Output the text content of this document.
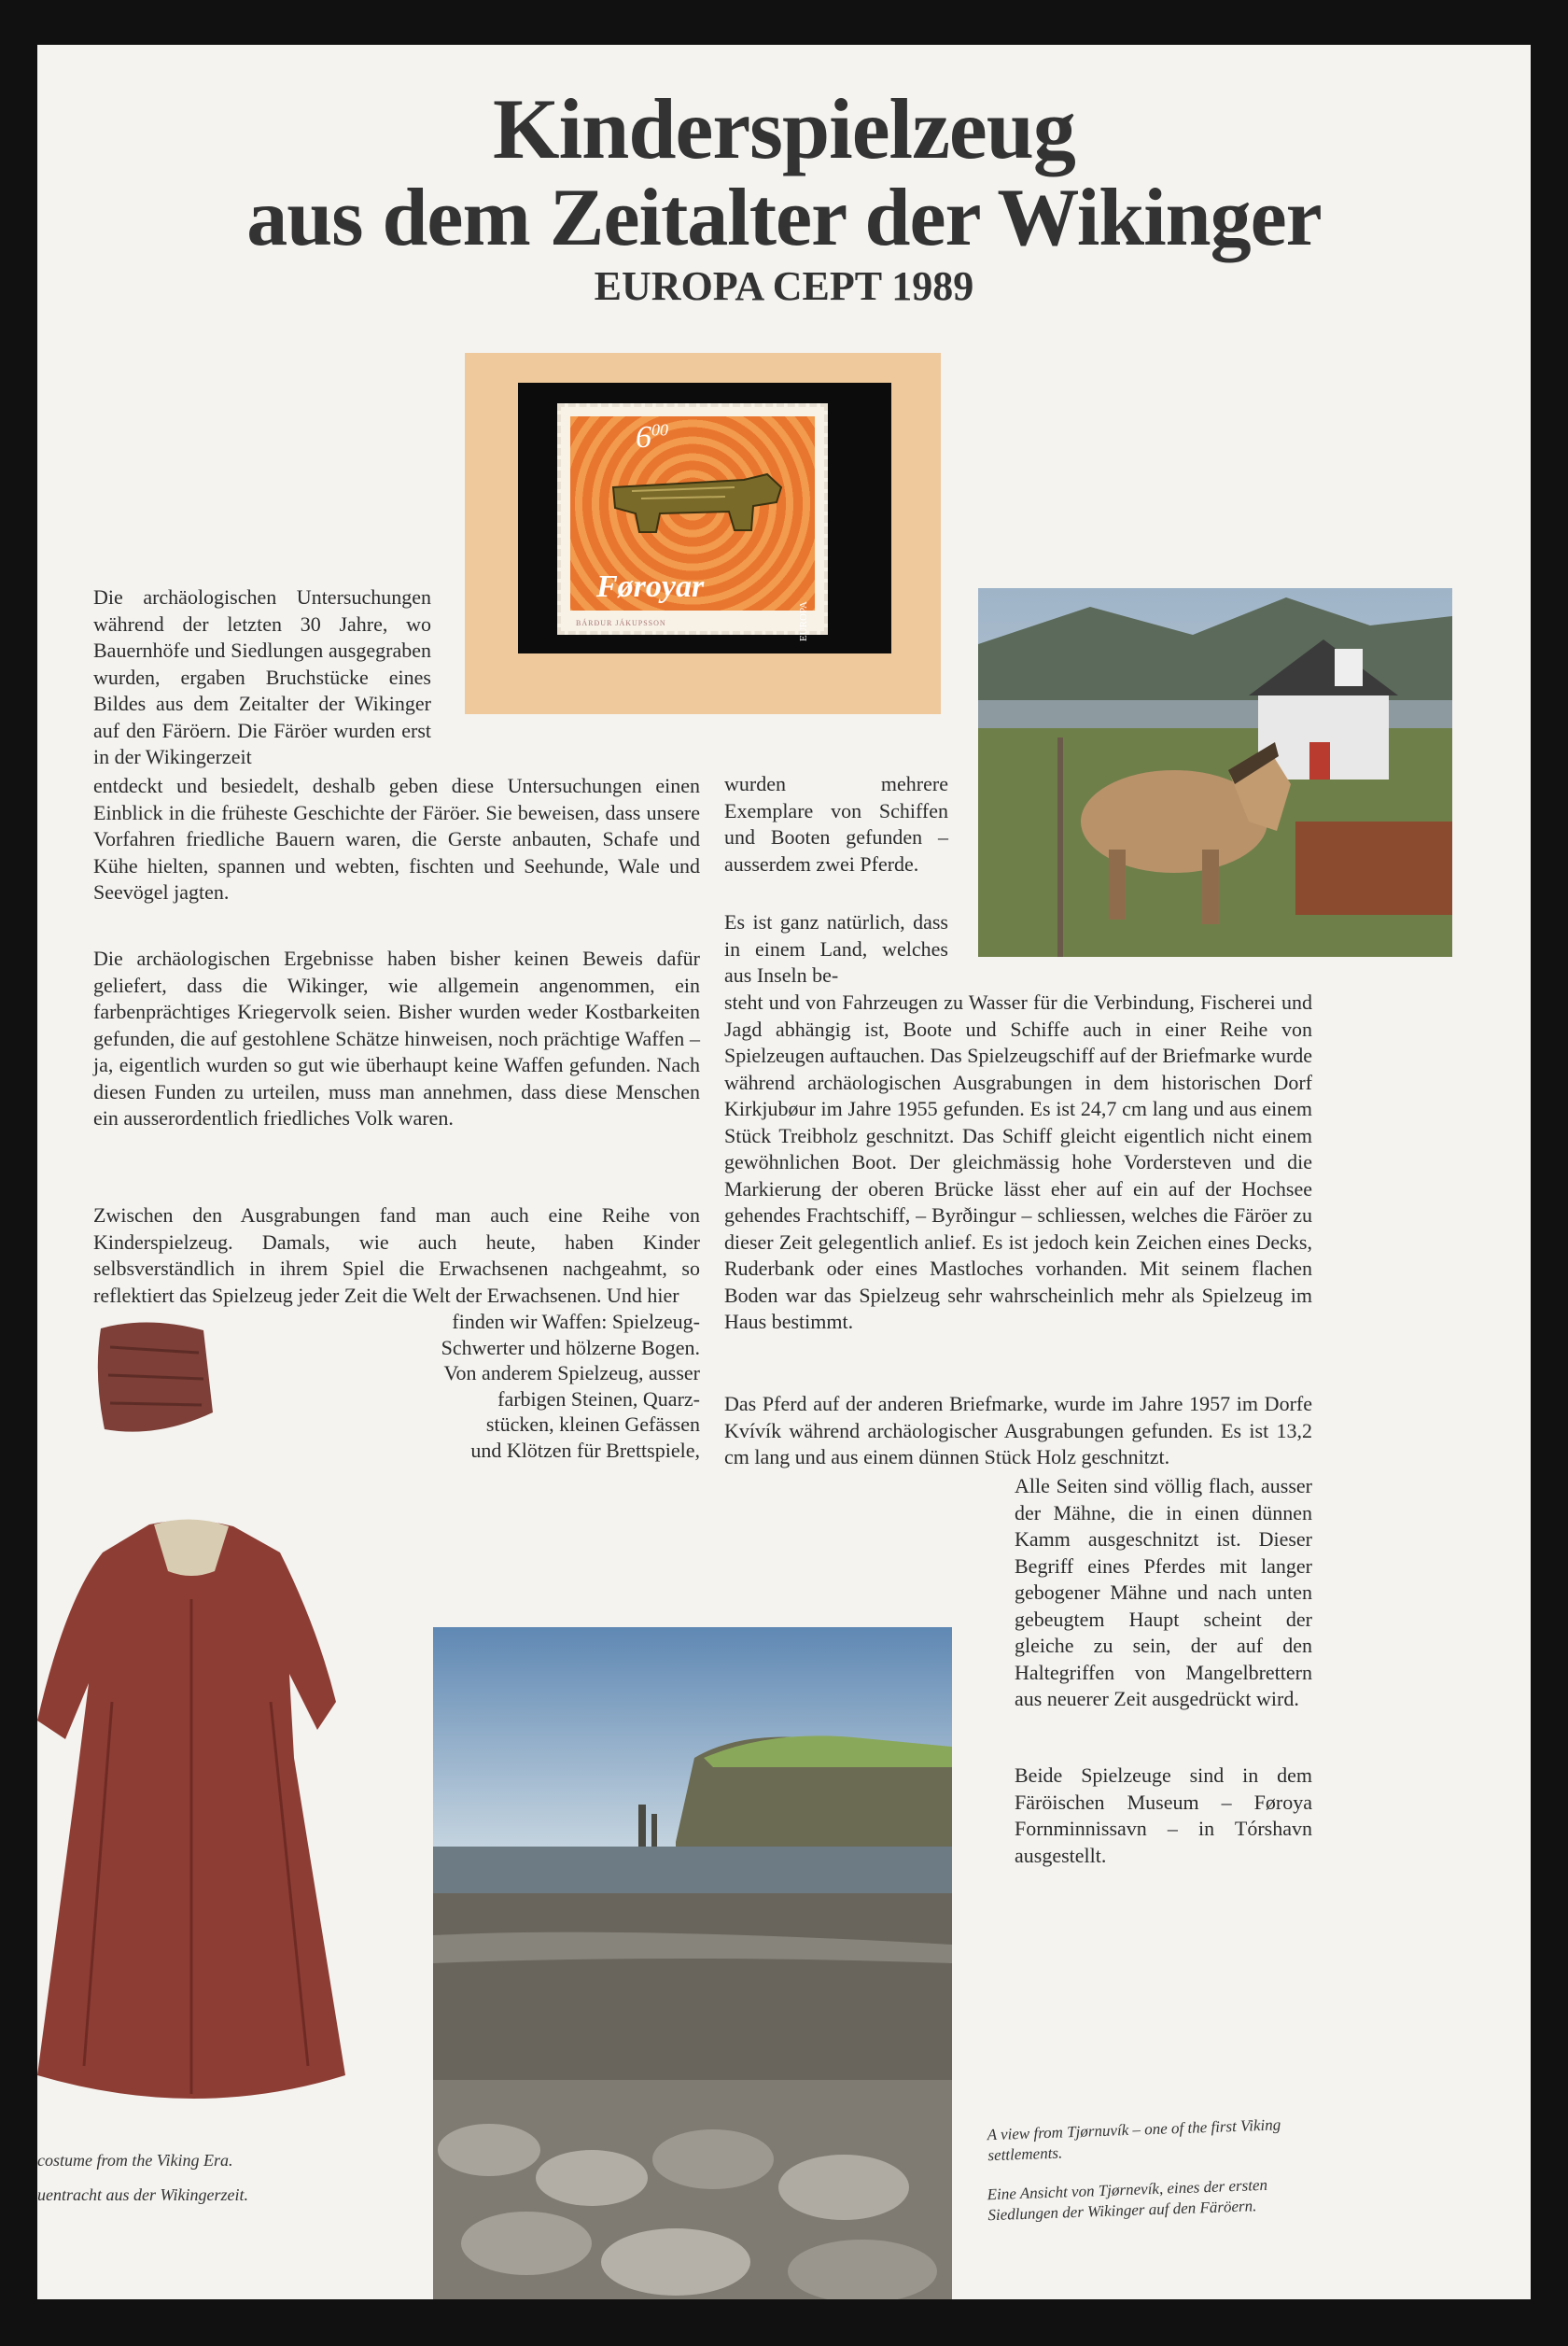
Kinderspielzeug
aus dem Zeitalter der Wikinger
EUROPA CEPT 1989
$6^{00}$
Føroyar
EUROPA
BÁRÐUR JÁKUPSSON

Die archäologischen Untersuchungen während der letzten 30 Jahre, wo Bauernhöfe und Siedlungen ausgegraben wurden, ergaben Bruchstücke eines Bildes aus dem Zeitalter der Wikinger auf den Färöern. Die Färöer wurden erst in der Wikingerzeit

entdeckt und besiedelt, deshalb geben diese Untersuchungen einen Einblick in die früheste Geschichte der Färöer. Sie beweisen, dass unsere Vorfahren friedliche Bauern waren, die Gerste anbauten, Schafe und Kühe hielten, spannen und webten, fischten und Seehunde, Wale und Seevögel jagten.

Die archäologischen Ergebnisse haben bisher keinen Beweis dafür geliefert, dass die Wikinger, wie allgemein angenommen, ein farbenprächtiges Kriegervolk seien. Bisher wurden weder Kostbarkeiten gefunden, die auf gestohlene Schätze hinweisen, noch prächtige Waffen – ja, eigentlich wurden so gut wie überhaupt keine Waffen gefunden. Nach diesen Funden zu urteilen, muss man annehmen, dass diese Menschen ein ausserordentlich friedliches Volk waren.

Zwischen den Ausgrabungen fand man auch eine Reihe von Kinderspielzeug. Damals, wie auch heute, haben Kinder selbsverständlich in ihrem Spiel die Erwachsenen nachgeahmt, so reflektiert das Spielzeug jeder Zeit die Welt der Erwachsenen. Und hier

finden wir Waffen: Spielzeug-
Schwerter und hölzerne Bogen.
Von anderem Spielzeug, ausser
farbigen Steinen, Quarz-
stücken, kleinen Gefässen
und Klötzen für Brettspiele,

wurden mehrere Exemplare von Schiffen und Booten gefunden – ausserdem zwei Pferde.

Es ist ganz natürlich, dass in einem Land, welches aus Inseln be-

steht und von Fahrzeugen zu Wasser für die Verbindung, Fischerei und Jagd abhängig ist, Boote und Schiffe auch in einer Reihe von Spielzeugen auftauchen. Das Spielzeugschiff auf der Briefmarke wurde während archäologischen Ausgrabungen in dem historischen Dorf Kirkjubøur im Jahre 1955 gefunden. Es ist 24,7 cm lang und aus einem Stück Treibholz geschnitzt. Das Schiff gleicht eigentlich nicht einem gewöhnlichen Boot. Der gleichmässig hohe Vordersteven und die Markierung der oberen Brücke lässt eher auf ein auf der Hochsee gehendes Frachtschiff, – Byrðingur – schliessen, welches die Färöer zu dieser Zeit gelegentlich anlief. Es ist jedoch kein Zeichen eines Decks, Ruderbank oder eines Mastloches vorhanden. Mit seinem flachen Boden war das Spielzeug sehr wahrscheinlich mehr als Spielzeug im Haus bestimmt.

Das Pferd auf der anderen Briefmarke, wurde im Jahre 1957 im Dorfe Kvívík während archäologischer Ausgrabungen gefunden. Es ist 13,2 cm lang und aus einem dünnen Stück Holz geschnitzt.

Alle Seiten sind völlig flach, ausser der Mähne, die in einen dünnen Kamm ausgeschnitzt ist. Dieser Begriff eines Pferdes mit langer gebogener Mähne und nach unten gebeugtem Haupt scheint der gleiche zu sein, der auf den Haltegriffen von Mangelbrettern aus neuerer Zeit ausgedrückt wird.

Beide Spielzeuge sind in dem Färöischen Museum – Føroya Fornminnissavn – in Tórshavn ausgestellt.

costume from the Viking Era.

uentracht aus der Wikingerzeit.

A view from Tjørnuvík – one of the first Viking settlements.

Eine Ansicht von Tjørnevík, eines der ersten Siedlungen der Wikinger auf den Färöern.
